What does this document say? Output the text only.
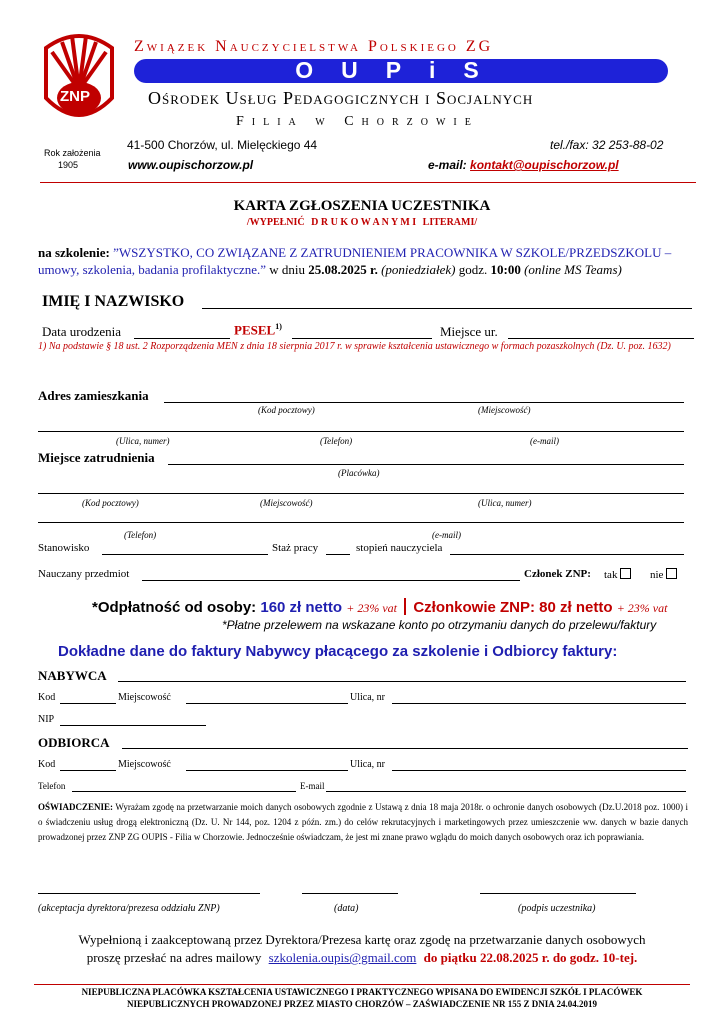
ZNP
Rok założenia
1905
Związek Nauczycielstwa Polskiego ZG
OUPiS
Ośrodek Usług Pedagogicznych i Socjalnych
Filia w Chorzowie
41-500 Chorzów, ul. Mielęckiego 44	tel./fax: 32 253-88-02
www.oupischorzow.pl	e-mail: kontakt@oupischorzow.pl
KARTA ZGŁOSZENIA UCZESTNIKA
/WYPEŁNIĆ D R U K O W A N Y M I LITERAMI/
na szkolenie: ”WSZYSTKO, CO ZWIĄZANE Z ZATRUDNIENIEM PRACOWNIKA W SZKOLE/PRZEDSZKOLU – umowy, szkolenia, badania profilaktyczne.” w dniu 25.08.2025 r. (poniedziałek) godz. 10:00 (online MS Teams)
IMIĘ I NAZWISKO
Data urodzenia	PESEL$^{1)}$	Miejsce ur.
1) Na podstawie § 18 ust. 2 Rozporządzenia MEN z dnia 18 sierpnia 2017 r. w sprawie kształcenia ustawicznego w formach pozaszkolnych (Dz. U. poz. 1632)
Adres zamieszkania
(Kod pocztowy)	(Miejscowość)
(Ulica, numer)	(Telefon)	(e-mail)
Miejsce zatrudnienia
(Placówka)
(Kod pocztowy)	(Miejscowość)	(Ulica, numer)
(Telefon)	(e-mail)
Stanowisko	Staż pracy	stopień nauczyciela
Nauczany przedmiot	Członek ZNP: tak	nie
*Odpłatność od osoby: 160 zł netto + 23% vat Członkowie ZNP: 80 zł netto + 23% vat
*Płatne przelewem na wskazane konto po otrzymaniu danych do przelewu/faktury
Dokładne dane do faktury Nabywcy płacącego za szkolenie i Odbiorcy faktury:
NABYWCA
Kod	Miejscowość	Ulica, nr
NIP
ODBIORCA
Kod	Miejscowość	Ulica, nr
Telefon	E-mail
OŚWIADCZENIE: Wyrażam zgodę na przetwarzanie moich danych osobowych zgodnie z Ustawą z dnia 18 maja 2018r. o ochronie danych osobowych (Dz.U.2018 poz. 1000) i o świadczeniu usług drogą elektroniczną (Dz. U. Nr 144, poz. 1204 z późn. zm.) do celów rekrutacyjnych i marketingowych przez umieszczenie ww. danych w bazie danych prowadzonej przez ZNP ZG OUPIS - Filia w Chorzowie. Jednocześnie oświadczam, że jest mi znane prawo wglądu do moich danych osobowych oraz ich poprawiania.
(akceptacja dyrektora/prezesa oddziału ZNP)	(data)	(podpis uczestnika)
Wypełnioną i zaakceptowaną przez Dyrektora/Prezesa kartę oraz zgodę na przetwarzanie danych osobowych
proszę przesłać na adres mailowy szkolenia.oupis@gmail.com do piątku 22.08.2025 r. do godz. 10-tej.
NIEPUBLICZNA PLACÓWKA KSZTAŁCENIA USTAWICZNEGO I PRAKTYCZNEGO WPISANA DO EWIDENCJI SZKÓŁ I PLACÓWEK
NIEPUBLICZNYCH PROWADZONEJ PRZEZ MIASTO CHORZÓW – ZAŚWIADCZENIE NR 155 Z DNIA 24.04.2019
